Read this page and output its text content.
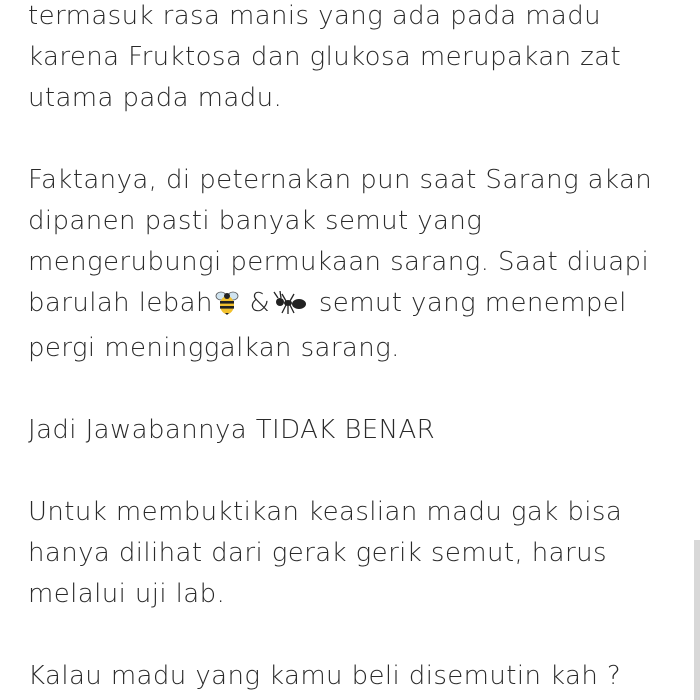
termasuk rasa manis yang ada pada madu
karena Fruktosa dan glukosa merupakan zat
utama pada madu.

Faktanya, di peternakan pun saat Sarang akan
dipanen pasti banyak semut yang
mengerubungi permukaan sarang. Saat diuapi
barulah lebah & semut yang menempel
pergi meninggalkan sarang.

Jadi Jawabannya TIDAK BENAR

Untuk membuktikan keaslian madu gak bisa
hanya dilihat dari gerak gerik semut, harus
melalui uji lab.

Kalau madu yang kamu beli disemutin kah ?
